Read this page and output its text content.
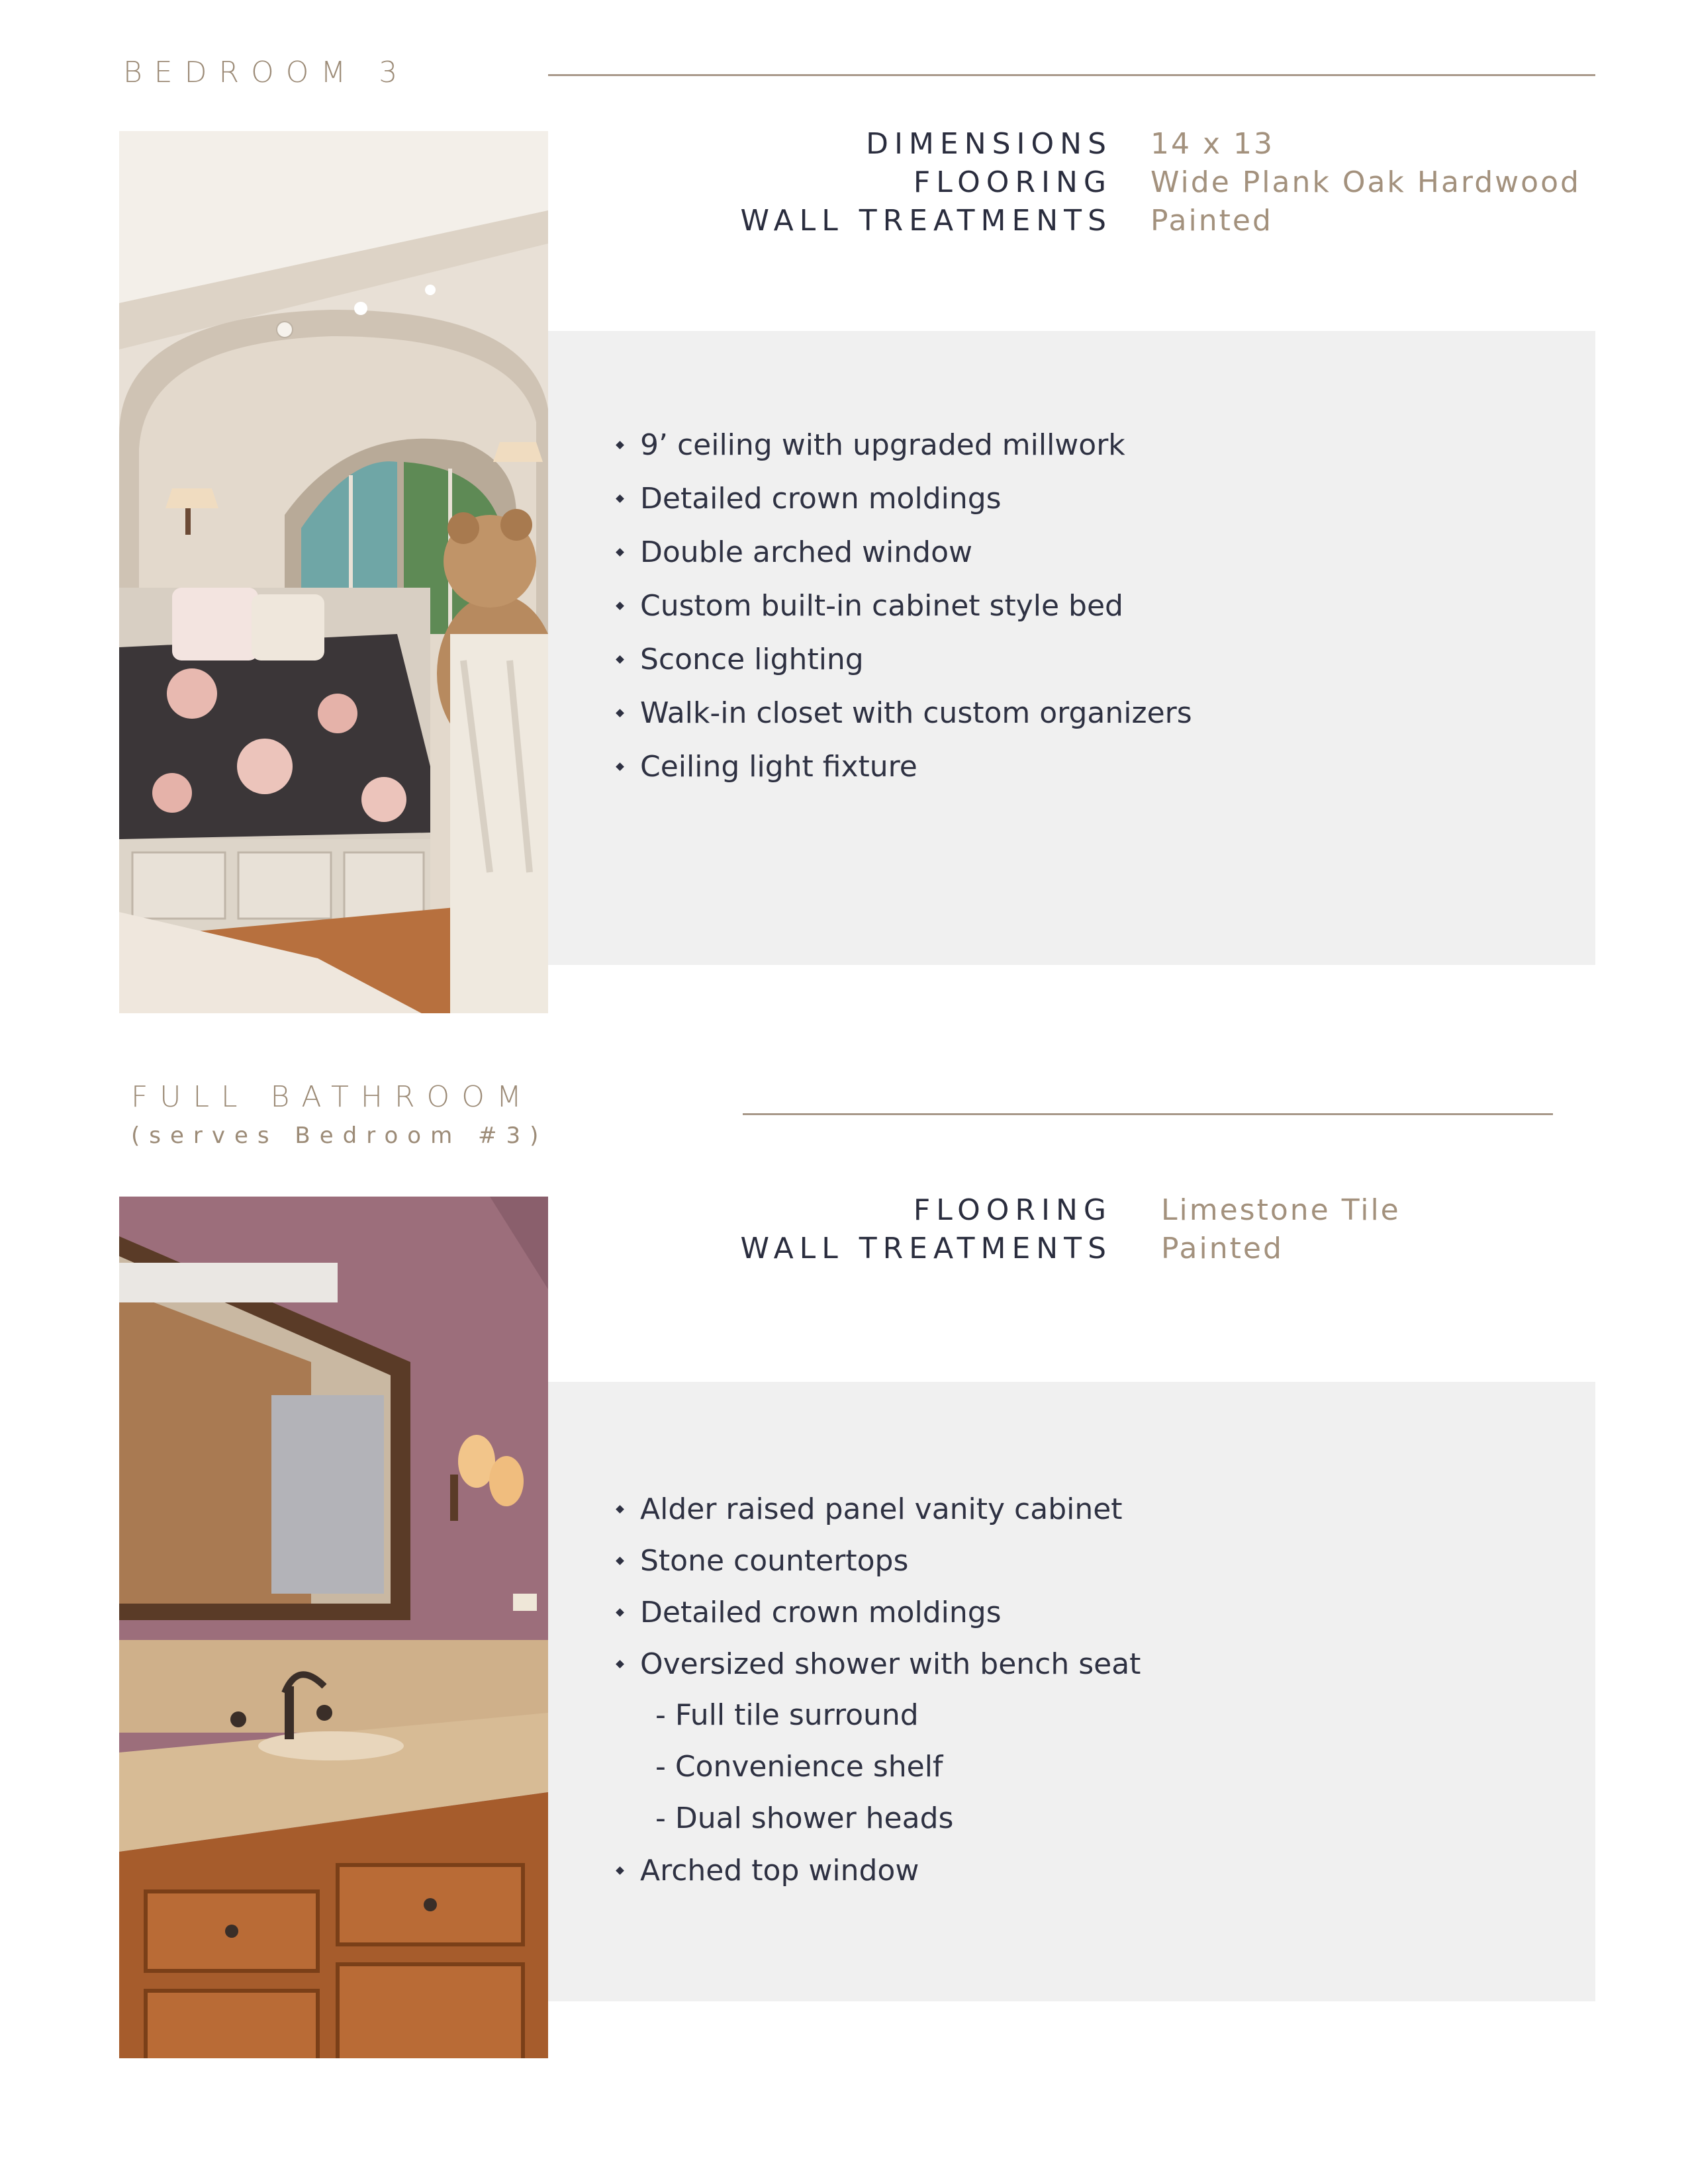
BEDROOM 3
DIMENSIONS
FLOORING
WALL TREATMENTS
14 x 13
Wide Plank Oak Hardwood
Painted
9’ ceiling with upgraded millwork
Detailed crown moldings
Double arched window
Custom built-in cabinet style bed
Sconce lighting
Walk-in closet with custom organizers
Ceiling light fixture
FULL BATHROOM
(serves Bedroom #3)
FLOORING
WALL TREATMENTS
Limestone Tile
Painted
Alder raised panel vanity cabinet
Stone countertops
Detailed crown moldings
Oversized shower with bench seat
- Full tile surround
- Convenience shelf
- Dual shower heads
Arched top window
